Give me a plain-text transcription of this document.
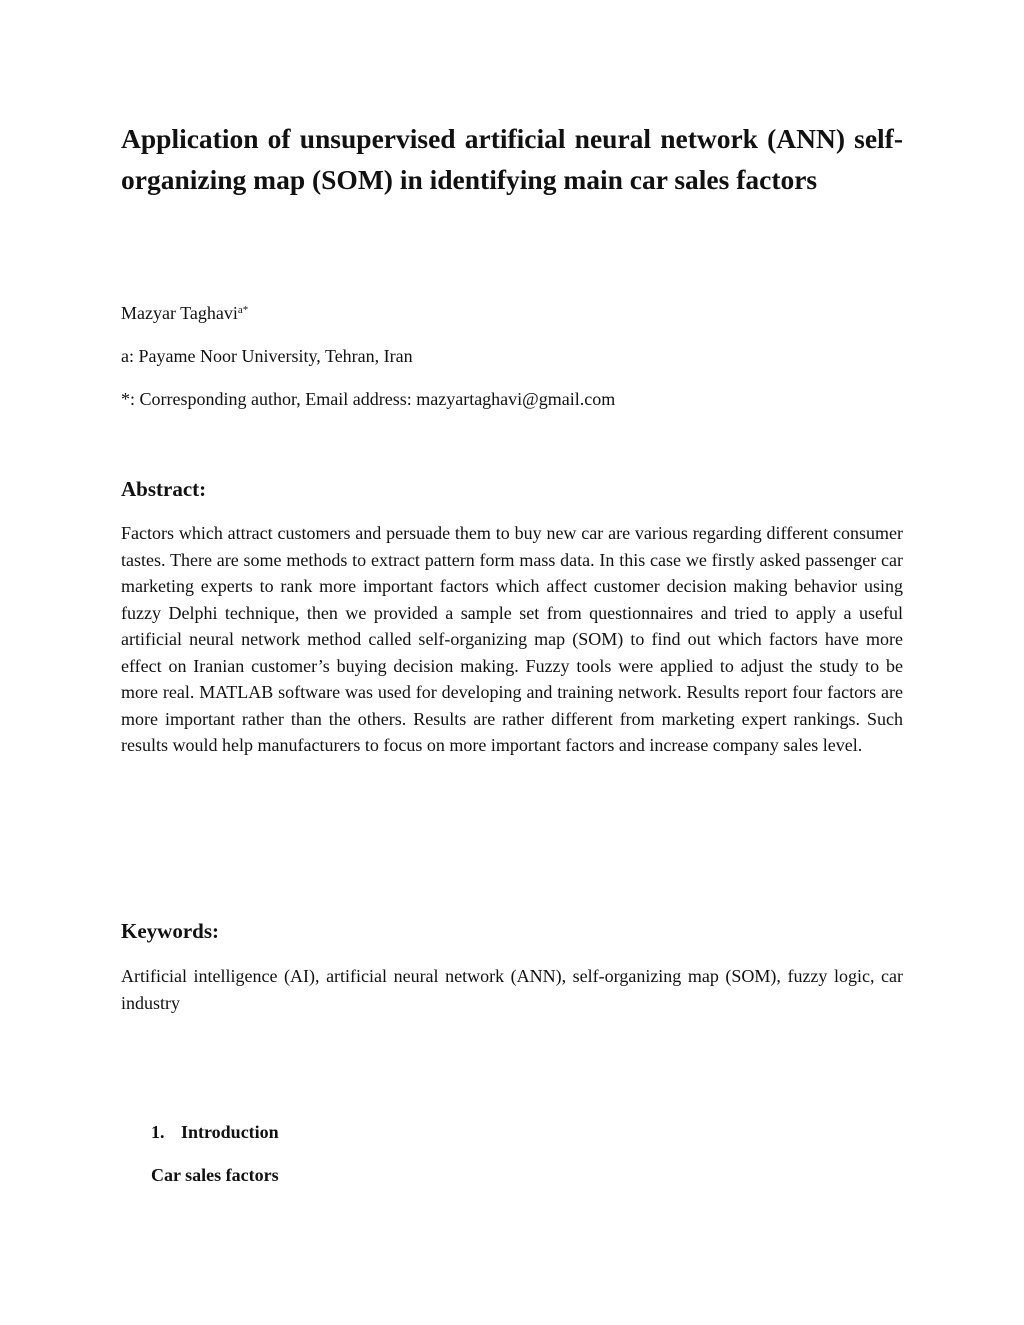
Application of unsupervised artificial neural network (ANN) self-organizing map (SOM) in identifying main car sales factors

Mazyar Taghavi$^{a*}$

a: Payame Noor University, Tehran, Iran

*: Corresponding author, Email address: mazyartaghavi@gmail.com

Abstract:

Factors which attract customers and persuade them to buy new car are various regarding different consumer tastes. There are some methods to extract pattern form mass data. In this case we firstly asked passenger car marketing experts to rank more important factors which affect customer decision making behavior using fuzzy Delphi technique, then we provided a sample set from questionnaires and tried to apply a useful artificial neural network method called self-organizing map (SOM) to find out which factors have more effect on Iranian customer’s buying decision making. Fuzzy tools were applied to adjust the study to be more real. MATLAB software was used for developing and training network. Results report four factors are more important rather than the others. Results are rather different from marketing expert rankings. Such results would help manufacturers to focus on more important factors and increase company sales level.

Keywords:

Artificial intelligence (AI), artificial neural network (ANN), self-organizing map (SOM), fuzzy logic, car industry

1. Introduction
Car sales factors
